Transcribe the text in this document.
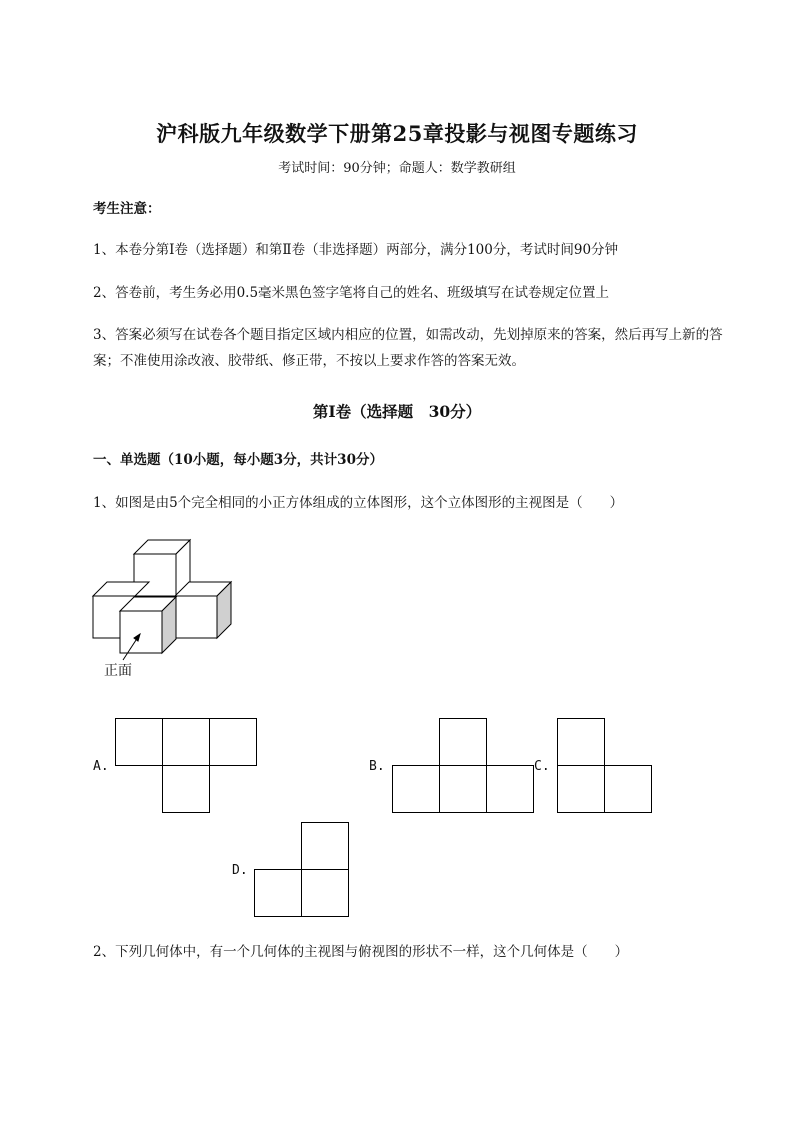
沪科版九年级数学下册第25章投影与视图专题练习
考试时间：90分钟；命题人：数学教研组
考生注意：
1、本卷分第I卷（选择题）和第Ⅱ卷（非选择题）两部分，满分100分，考试时间90分钟
2、答卷前，考生务必用0.5毫米黑色签字笔将自己的姓名、班级填写在试卷规定位置上
3、答案必须写在试卷各个题目指定区域内相应的位置，如需改动，先划掉原来的答案，然后再写上新的答案；不准使用涂改液、胶带纸、修正带，不按以上要求作答的答案无效。
第I卷（选择题　30分）
一、单选题（10小题，每小题3分，共计30分）
1、如图是由5个完全相同的小正方体组成的立体图形，这个立体图形的主视图是（　　）
正面
A.	B.	C.
D.
2、下列几何体中，有一个几何体的主视图与俯视图的形状不一样，这个几何体是（　　）
